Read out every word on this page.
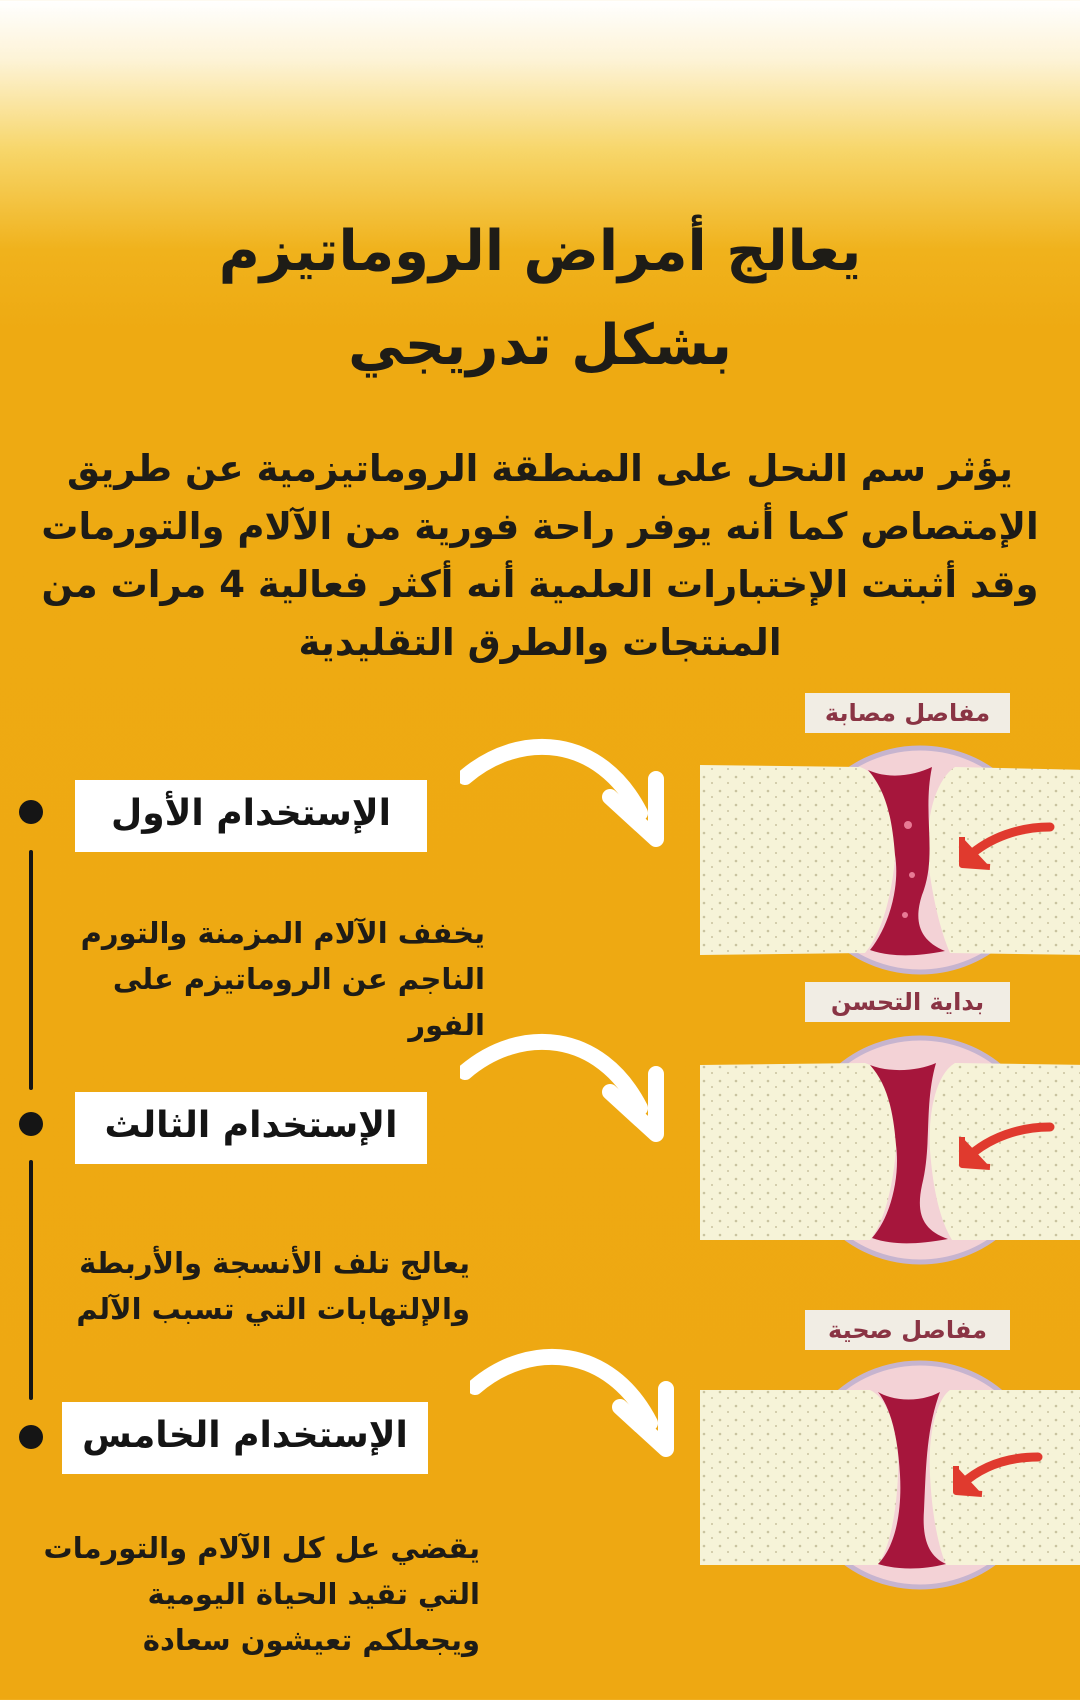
يعالج أمراض الروماتيزم
بشكل تدريجي

يؤثر سم النحل على المنطقة الروماتيزمية عن طريق
الإمتصاص كما أنه يوفر راحة فورية من الآلام والتورمات
وقد أثبتت الإختبارات العلمية أنه أكثر فعالية 4 مرات من
المنتجات والطرق التقليدية

الإستخدام الأول
الإستخدام الثالث
الإستخدام الخامس

يخفف الآلام المزمنة والتورم
الناجم عن الروماتيزم على الفور

يعالج تلف الأنسجة والأربطة
والإلتهابات التي تسبب الآلم

يقضي عل كل الآلام والتورمات
التي تقيد الحياة اليومية
ويجعلكم تعيشون سعادة

مفاصل مصابة
بداية التحسن
مفاصل صحية
